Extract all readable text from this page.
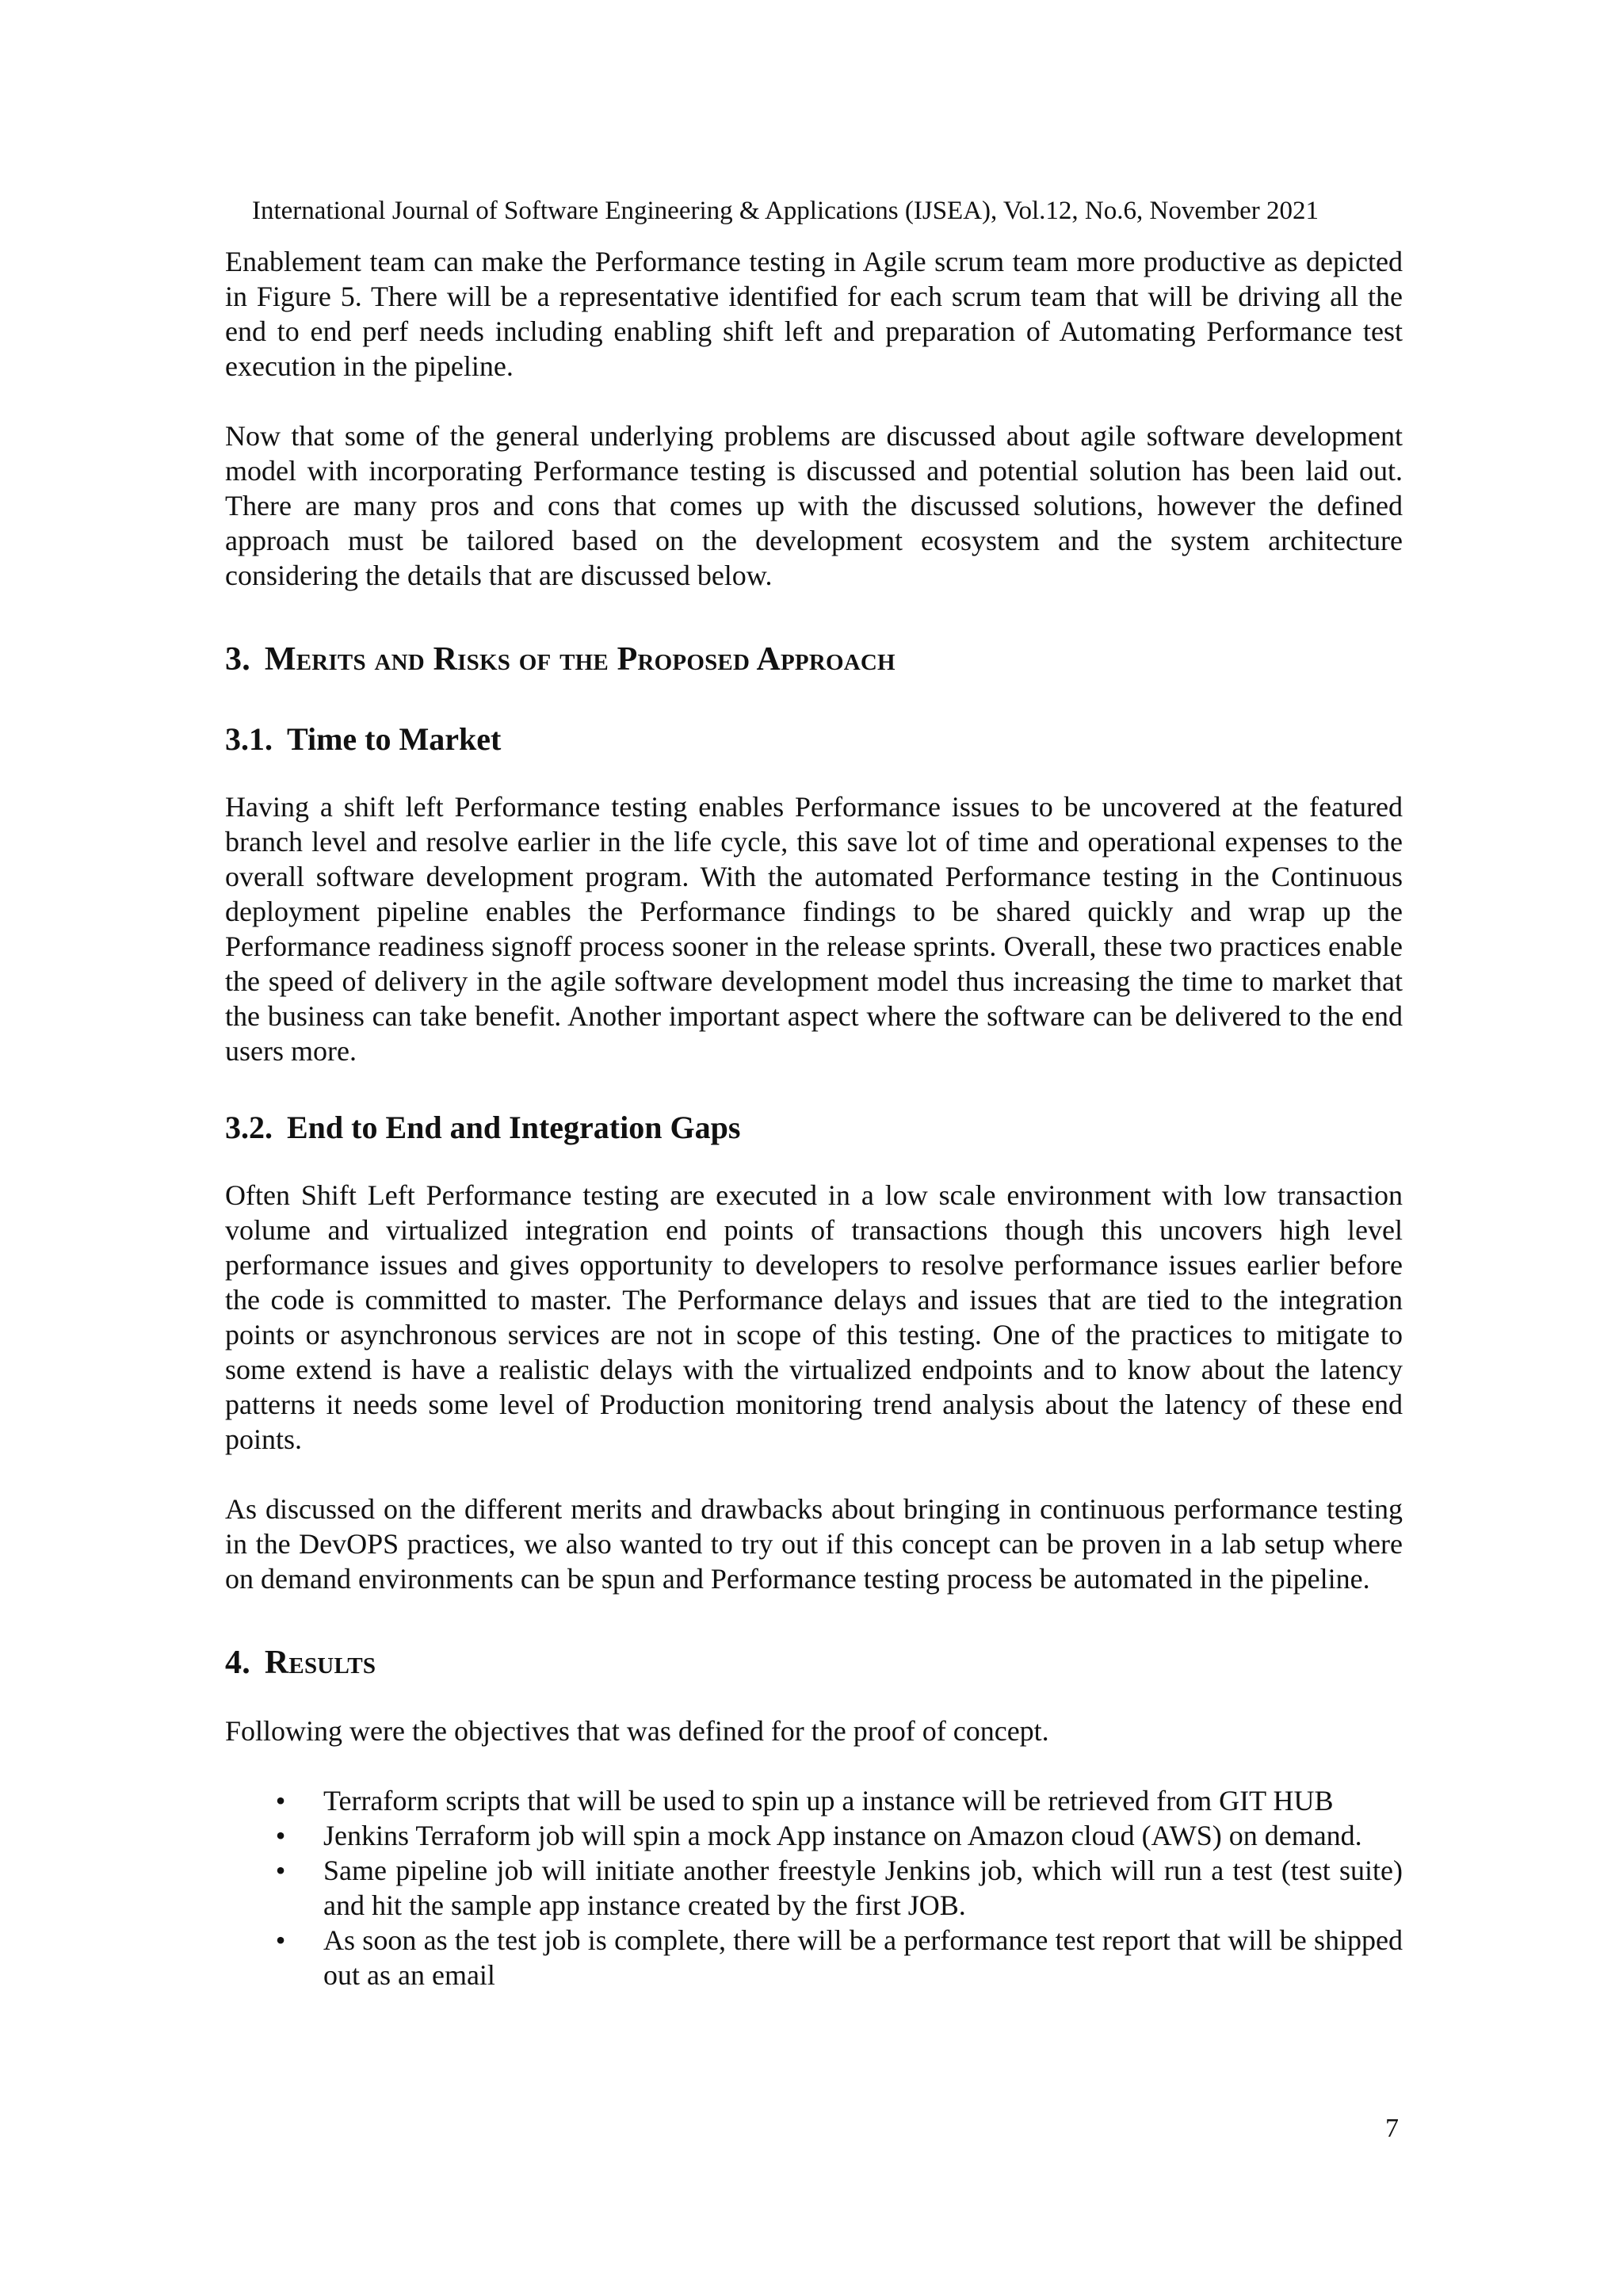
International Journal of Software Engineering & Applications (IJSEA), Vol.12, No.6, November 2021

Enablement team can make the Performance testing in Agile scrum team more productive as depicted in Figure 5. There will be a representative identified for each scrum team that will be driving all the end to end perf needs including enabling shift left and preparation of Automating Performance test execution in the pipeline.

Now that some of the general underlying problems are discussed about agile software development model with incorporating Performance testing is discussed and potential solution has been laid out. There are many pros and cons that comes up with the discussed solutions, however the defined approach must be tailored based on the development ecosystem and the system architecture considering the details that are discussed below.

3. Merits and Risks of the Proposed Approach
3.1. Time to Market

Having a shift left Performance testing enables Performance issues to be uncovered at the featured branch level and resolve earlier in the life cycle, this save lot of time and operational expenses to the overall software development program. With the automated Performance testing in the Continuous deployment pipeline enables the Performance findings to be shared quickly and wrap up the Performance readiness signoff process sooner in the release sprints. Overall, these two practices enable the speed of delivery in the agile software development model thus increasing the time to market that the business can take benefit. Another important aspect where the software can be delivered to the end users more.

3.2. End to End and Integration Gaps

Often Shift Left Performance testing are executed in a low scale environment with low transaction volume and virtualized integration end points of transactions though this uncovers high level performance issues and gives opportunity to developers to resolve performance issues earlier before the code is committed to master. The Performance delays and issues that are tied to the integration points or asynchronous services are not in scope of this testing. One of the practices to mitigate to some extend is have a realistic delays with the virtualized endpoints and to know about the latency patterns it needs some level of Production monitoring trend analysis about the latency of these end points.

As discussed on the different merits and drawbacks about bringing in continuous performance testing in the DevOPS practices, we also wanted to try out if this concept can be proven in a lab setup where on demand environments can be spun and Performance testing process be automated in the pipeline.

4. Results

Following were the objectives that was defined for the proof of concept.

• Terraform scripts that will be used to spin up a instance will be retrieved from GIT HUB
• Jenkins Terraform job will spin a mock App instance on Amazon cloud (AWS) on demand.
• Same pipeline job will initiate another freestyle Jenkins job, which will run a test (test suite) and hit the sample app instance created by the first JOB.
• As soon as the test job is complete, there will be a performance test report that will be shipped out as an email
7
